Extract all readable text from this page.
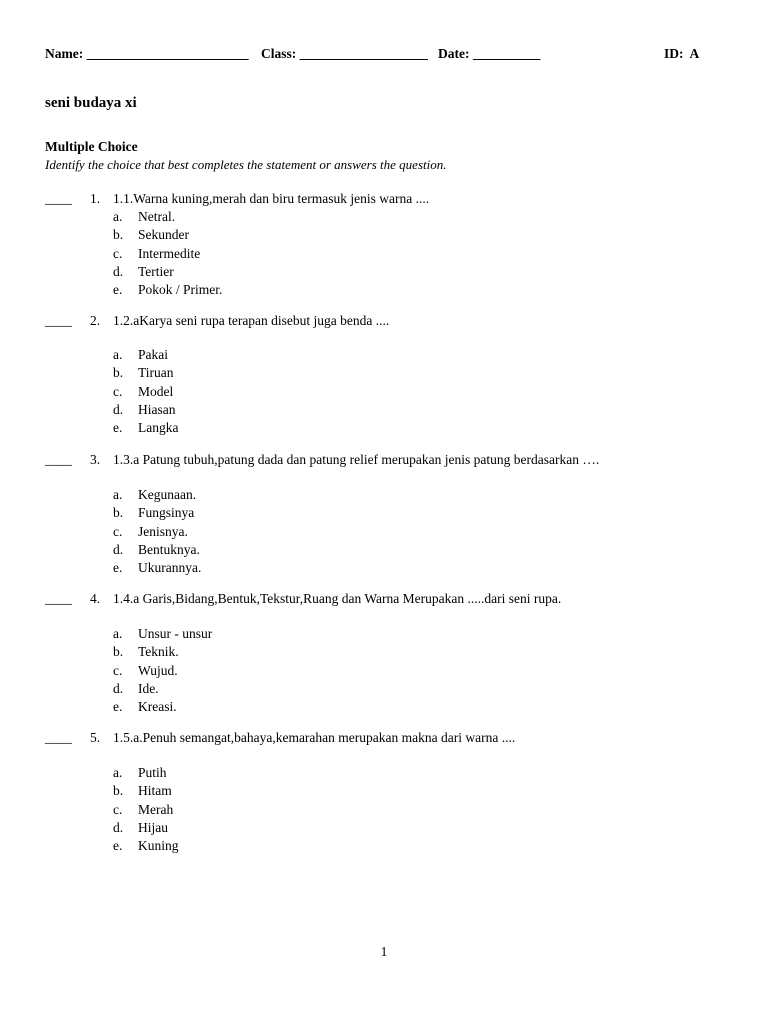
Name: ________________________ Class: ___________________ Date: __________	ID:  A
seni budaya xi
Multiple Choice
Identify the choice that best completes the statement or answers the question.
____ 1. 1.1.Warna kuning,merah dan biru termasuk jenis warna ....
a. Netral.
b. Sekunder
c. Intermedite
d. Tertier
e. Pokok / Primer.
____ 2. 1.2.aKarya seni rupa terapan disebut juga benda ....
a. Pakai
b. Tiruan
c. Model
d. Hiasan
e. Langka
____ 3. 1.3.a Patung tubuh,patung dada dan patung relief merupakan jenis patung berdasarkan ….
a. Kegunaan.
b. Fungsinya
c. Jenisnya.
d. Bentuknya.
e. Ukurannya.
____ 4. 1.4.a Garis,Bidang,Bentuk,Tekstur,Ruang dan Warna Merupakan .....dari seni rupa.
a. Unsur - unsur
b. Teknik.
c. Wujud.
d. Ide.
e. Kreasi.
____ 5. 1.5.a.Penuh semangat,bahaya,kemarahan merupakan makna dari warna ....
a. Putih
b. Hitam
c. Merah
d. Hijau
e. Kuning
1
